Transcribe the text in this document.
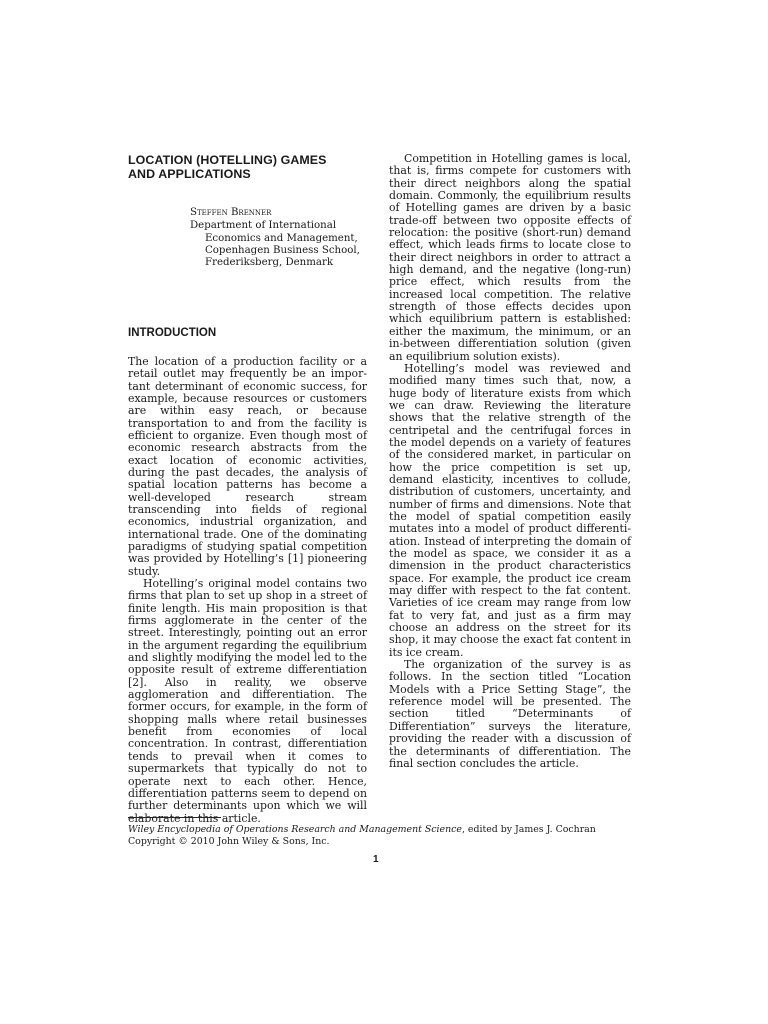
LOCATION (HOTELLING) GAMES
AND APPLICATIONS
Steffen Brenner
Department of International
Economics and Management,
Copenhagen Business School,
Frederiksberg, Denmark
INTRODUCTION

The location of a production facility or a retail outlet may frequently be an important determinant of economic success, for example, because resources or customers are within easy reach, or because transportation to and from the facility is efficient to organize. Even though most of economic research abstracts from the exact location of economic activities, during the past decades, the analysis of spatial location patterns has become a well-developed research stream transcending into fields of regional economics, industrial organization, and international trade. One of the dominating paradigms of studying spatial competition was provided by Hotelling’s [1] pioneering study.

Hotelling’s original model contains two firms that plan to set up shop in a street of finite length. His main proposition is that firms agglomerate in the center of the street. Interestingly, pointing out an error in the argument regarding the equilibrium and slightly modifying the model led to the opposite result of extreme differentiation [2]. Also in reality, we observe agglomeration and differentiation. The former occurs, for example, in the form of shopping malls where retail businesses benefit from economies of local concentration. In contrast, differentiation tends to prevail when it comes to supermarkets that typically do not to operate next to each other. Hence, differentiation patterns seem to depend on further determinants upon which we will elaborate in this article.

Competition in Hotelling games is local, that is, firms compete for customers with their direct neighbors along the spatial domain. Commonly, the equilibrium results of Hotelling games are driven by a basic trade-off between two opposite effects of relocation: the positive (short-run) demand effect, which leads firms to locate close to their direct neighbors in order to attract a high demand, and the negative (long-run) price effect, which results from the increased local competition. The relative strength of those effects decides upon which equilibrium pattern is established: either the maximum, the minimum, or an in-between differentiation solution (given an equilibrium solution exists).

Hotelling’s model was reviewed and modified many times such that, now, a huge body of literature exists from which we can draw. Reviewing the literature shows that the relative strength of the centripetal and the centrifugal forces in the model depends on a variety of features of the considered market, in particular on how the price competition is set up, demand elasticity, incentives to collude, distribution of customers, uncertainty, and number of firms and dimensions. Note that the model of spatial competition easily mutates into a model of product differentiation. Instead of interpreting the domain of the model as space, we consider it as a dimension in the product characteristics space. For example, the product ice cream may differ with respect to the fat content. Varieties of ice cream may range from low fat to very fat, and just as a firm may choose an address on the street for its shop, it may choose the exact fat content in its ice cream.

The organization of the survey is as follows. In the section titled “Location Models with a Price Setting Stage”, the reference model will be presented. The section titled “Determinants of Differentiation” surveys the literature, providing the reader with a discussion of the determinants of differentiation. The final section concludes the article.

Wiley Encyclopedia of Operations Research and Management Science, edited by James J. Cochran
Copyright © 2010 John Wiley & Sons, Inc.
1
